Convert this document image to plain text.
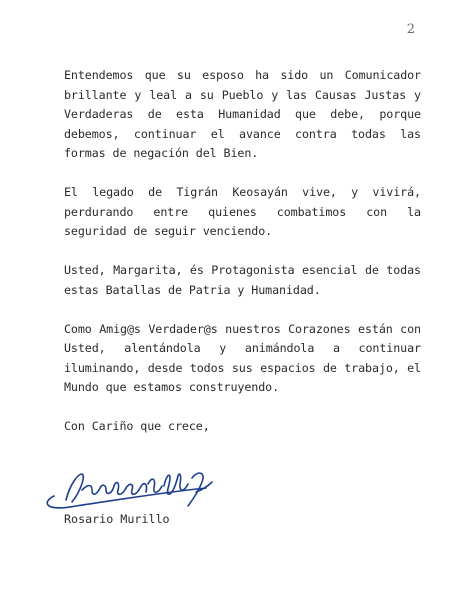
2

Entendemos que su esposo ha sido un Comunicador brillante y leal a su Pueblo y las Causas Justas y Verdaderas de esta Humanidad que debe, porque debemos, continuar el avance contra todas las formas de negación del Bien.

El legado de Tigrán Keosayán vive, y vivirá, perdurando entre quienes combatimos con la seguridad de seguir venciendo.

Usted, Margarita, és Protagonista esencial de todas estas Batallas de Patria y Humanidad.

Como Amig@s Verdader@s nuestros Corazones están con Usted, alentándola y animándola a continuar iluminando, desde todos sus espacios de trabajo, el Mundo que estamos construyendo.

Con Cariño que crece,

Rosario Murillo
